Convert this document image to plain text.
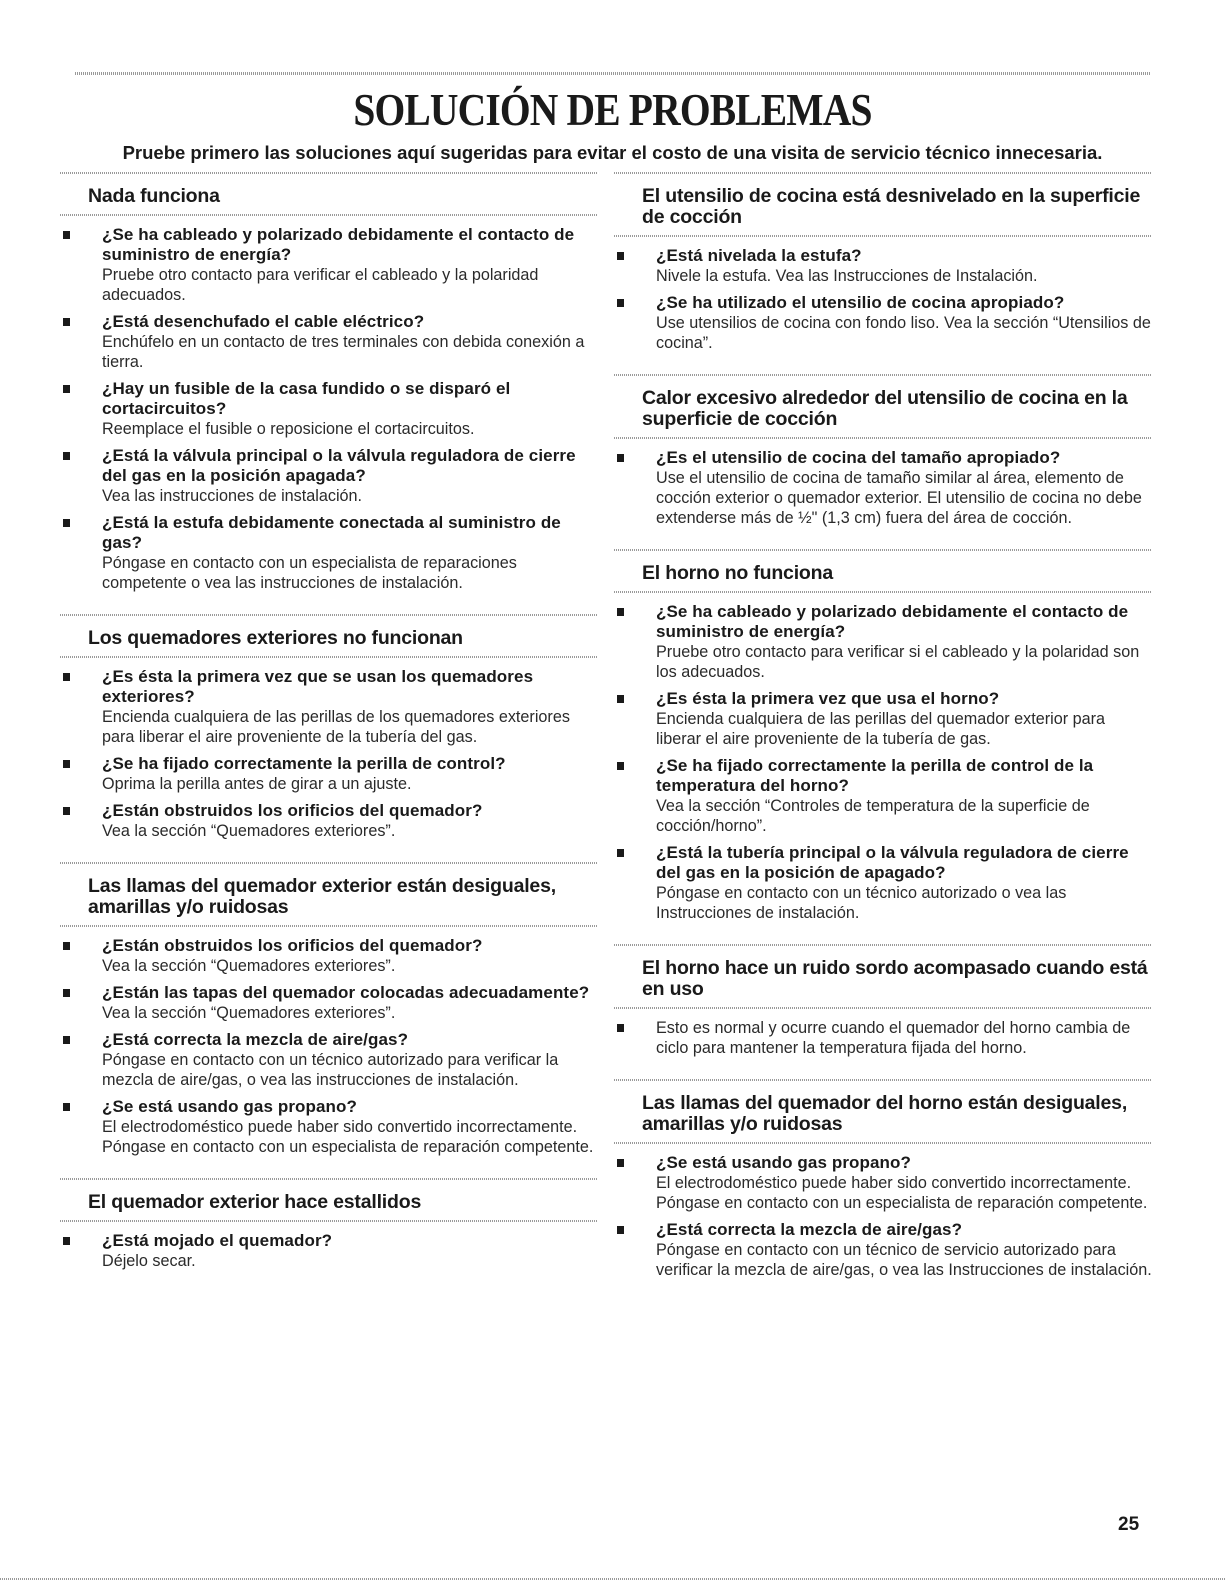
SOLUCIÓN DE PROBLEMAS
Pruebe primero las soluciones aquí sugeridas para evitar el costo de una visita de servicio técnico innecesaria.
Nada funciona
¿Se ha cableado y polarizado debidamente el contacto de suministro de energía?
Pruebe otro contacto para verificar el cableado y la polaridad adecuados.
¿Está desenchufado el cable eléctrico?
Enchúfelo en un contacto de tres terminales con debida conexión a tierra.
¿Hay un fusible de la casa fundido o se disparó el cortacircuitos?
Reemplace el fusible o reposicione el cortacircuitos.
¿Está la válvula principal o la válvula reguladora de cierre del gas en la posición apagada?
Vea las instrucciones de instalación.
¿Está la estufa debidamente conectada al suministro de gas?
Póngase en contacto con un especialista de reparaciones competente o vea las instrucciones de instalación.
Los quemadores exteriores no funcionan
¿Es ésta la primera vez que se usan los quemadores exteriores?
Encienda cualquiera de las perillas de los quemadores exteriores para liberar el aire proveniente de la tubería del gas.
¿Se ha fijado correctamente la perilla de control?
Oprima la perilla antes de girar a un ajuste.
¿Están obstruidos los orificios del quemador?
Vea la sección “Quemadores exteriores”.
Las llamas del quemador exterior están desiguales, amarillas y/o ruidosas
¿Están obstruidos los orificios del quemador?
Vea la sección “Quemadores exteriores”.
¿Están las tapas del quemador colocadas adecuadamente?
Vea la sección “Quemadores exteriores”.
¿Está correcta la mezcla de aire/gas?
Póngase en contacto con un técnico autorizado para verificar la mezcla de aire/gas, o vea las instrucciones de instalación.
¿Se está usando gas propano?
El electrodoméstico puede haber sido convertido incorrectamente. Póngase en contacto con un especialista de reparación competente.
El quemador exterior hace estallidos
¿Está mojado el quemador?
Déjelo secar.
El utensilio de cocina está desnivelado en la superficie de cocción
¿Está nivelada la estufa?
Nivele la estufa. Vea las Instrucciones de Instalación.
¿Se ha utilizado el utensilio de cocina apropiado?
Use utensilios de cocina con fondo liso. Vea la sección “Utensilios de cocina”.
Calor excesivo alrededor del utensilio de cocina en la superficie de cocción
¿Es el utensilio de cocina del tamaño apropiado?
Use el utensilio de cocina de tamaño similar al área, elemento de cocción exterior o quemador exterior. El utensilio de cocina no debe extenderse más de ½" (1,3 cm) fuera del área de cocción.
El horno no funciona
¿Se ha cableado y polarizado debidamente el contacto de suministro de energía?
Pruebe otro contacto para verificar si el cableado y la polaridad son los adecuados.
¿Es ésta la primera vez que usa el horno?
Encienda cualquiera de las perillas del quemador exterior para liberar el aire proveniente de la tubería de gas.
¿Se ha fijado correctamente la perilla de control de la temperatura del horno?
Vea la sección “Controles de temperatura de la superficie de cocción/horno”.
¿Está la tubería principal o la válvula reguladora de cierre del gas en la posición de apagado?
Póngase en contacto con un técnico autorizado o vea las Instrucciones de instalación.
El horno hace un ruido sordo acompasado cuando está en uso
Esto es normal y ocurre cuando el quemador del horno cambia de ciclo para mantener la temperatura fijada del horno.
Las llamas del quemador del horno están desiguales, amarillas y/o ruidosas
¿Se está usando gas propano?
El electrodoméstico puede haber sido convertido incorrectamente. Póngase en contacto con un especialista de reparación competente.
¿Está correcta la mezcla de aire/gas?
Póngase en contacto con un técnico de servicio autorizado para verificar la mezcla de aire/gas, o vea las Instrucciones de instalación.
25
